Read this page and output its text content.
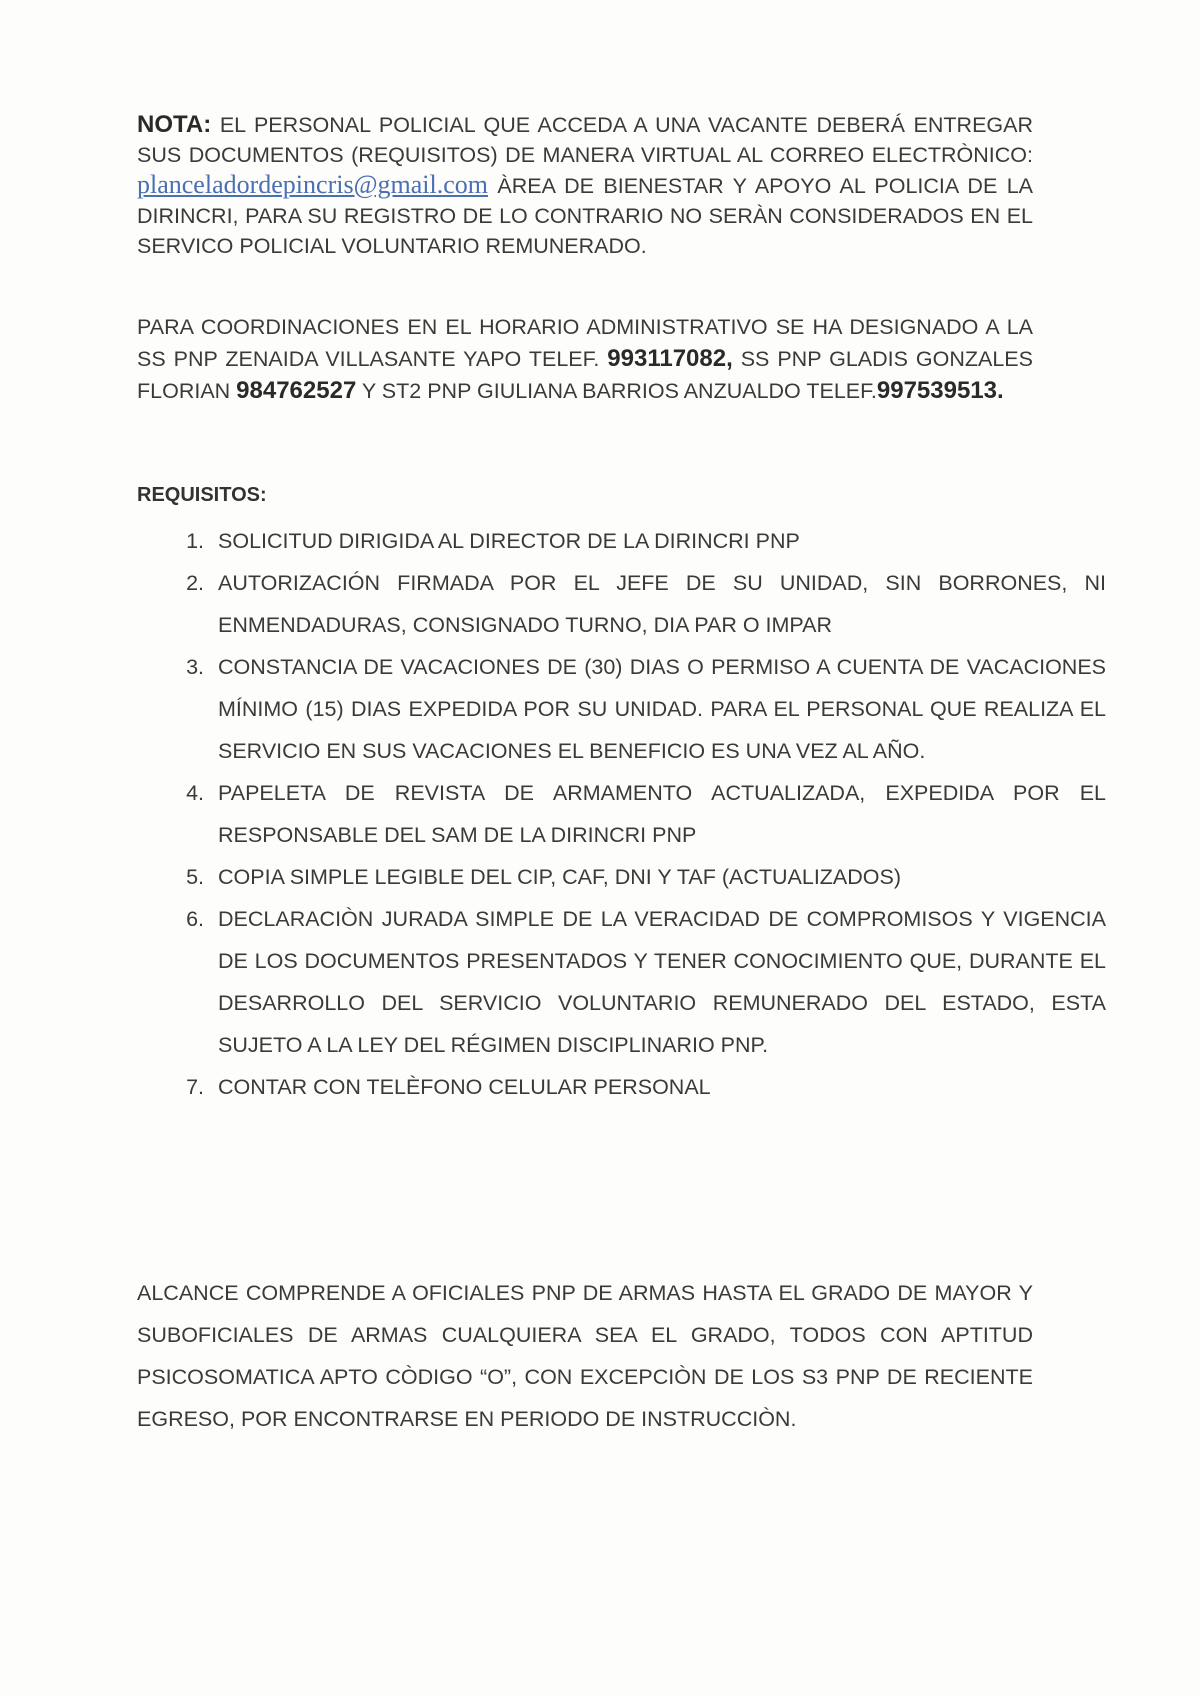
NOTA: EL PERSONAL POLICIAL QUE ACCEDA A UNA VACANTE DEBERÁ ENTREGAR SUS DOCUMENTOS (REQUISITOS) DE MANERA VIRTUAL AL CORREO ELECTRÒNICO: planceladordepincris@gmail.com ÀREA DE BIENESTAR Y APOYO AL POLICIA DE LA DIRINCRI, PARA SU REGISTRO DE LO CONTRARIO NO SERÀN CONSIDERADOS EN EL SERVICO POLICIAL VOLUNTARIO REMUNERADO.
PARA COORDINACIONES EN EL HORARIO ADMINISTRATIVO SE HA DESIGNADO A LA SS PNP ZENAIDA VILLASANTE YAPO TELEF. 993117082, SS PNP GLADIS GONZALES FLORIAN 984762527 Y ST2 PNP GIULIANA BARRIOS ANZUALDO TELEF.997539513.
REQUISITOS:
1. SOLICITUD DIRIGIDA AL DIRECTOR DE LA DIRINCRI PNP
2. AUTORIZACIÓN FIRMADA POR EL JEFE DE SU UNIDAD, SIN BORRONES, NI ENMENDADURAS, CONSIGNADO TURNO, DIA PAR O IMPAR
3. CONSTANCIA DE VACACIONES DE (30) DIAS O PERMISO A CUENTA DE VACACIONES MÍNIMO (15) DIAS EXPEDIDA POR SU UNIDAD. PARA EL PERSONAL QUE REALIZA EL SERVICIO EN SUS VACACIONES EL BENEFICIO ES UNA VEZ AL AÑO.
4. PAPELETA DE REVISTA DE ARMAMENTO ACTUALIZADA, EXPEDIDA POR EL RESPONSABLE DEL SAM DE LA DIRINCRI PNP
5. COPIA SIMPLE LEGIBLE DEL CIP, CAF, DNI Y TAF (ACTUALIZADOS)
6. DECLARACIÒN JURADA SIMPLE DE LA VERACIDAD DE COMPROMISOS Y VIGENCIA DE LOS DOCUMENTOS PRESENTADOS Y TENER CONOCIMIENTO QUE, DURANTE EL DESARROLLO DEL SERVICIO VOLUNTARIO REMUNERADO DEL ESTADO, ESTA SUJETO A LA LEY DEL RÉGIMEN DISCIPLINARIO PNP.
7. CONTAR CON TELÈFONO CELULAR PERSONAL
ALCANCE COMPRENDE A OFICIALES PNP DE ARMAS HASTA EL GRADO DE MAYOR Y SUBOFICIALES DE ARMAS CUALQUIERA SEA EL GRADO, TODOS CON APTITUD PSICOSOMATICA APTO CÒDIGO “O”, CON EXCEPCIÒN DE LOS S3 PNP DE RECIENTE EGRESO, POR ENCONTRARSE EN PERIODO DE INSTRUCCIÒN.
